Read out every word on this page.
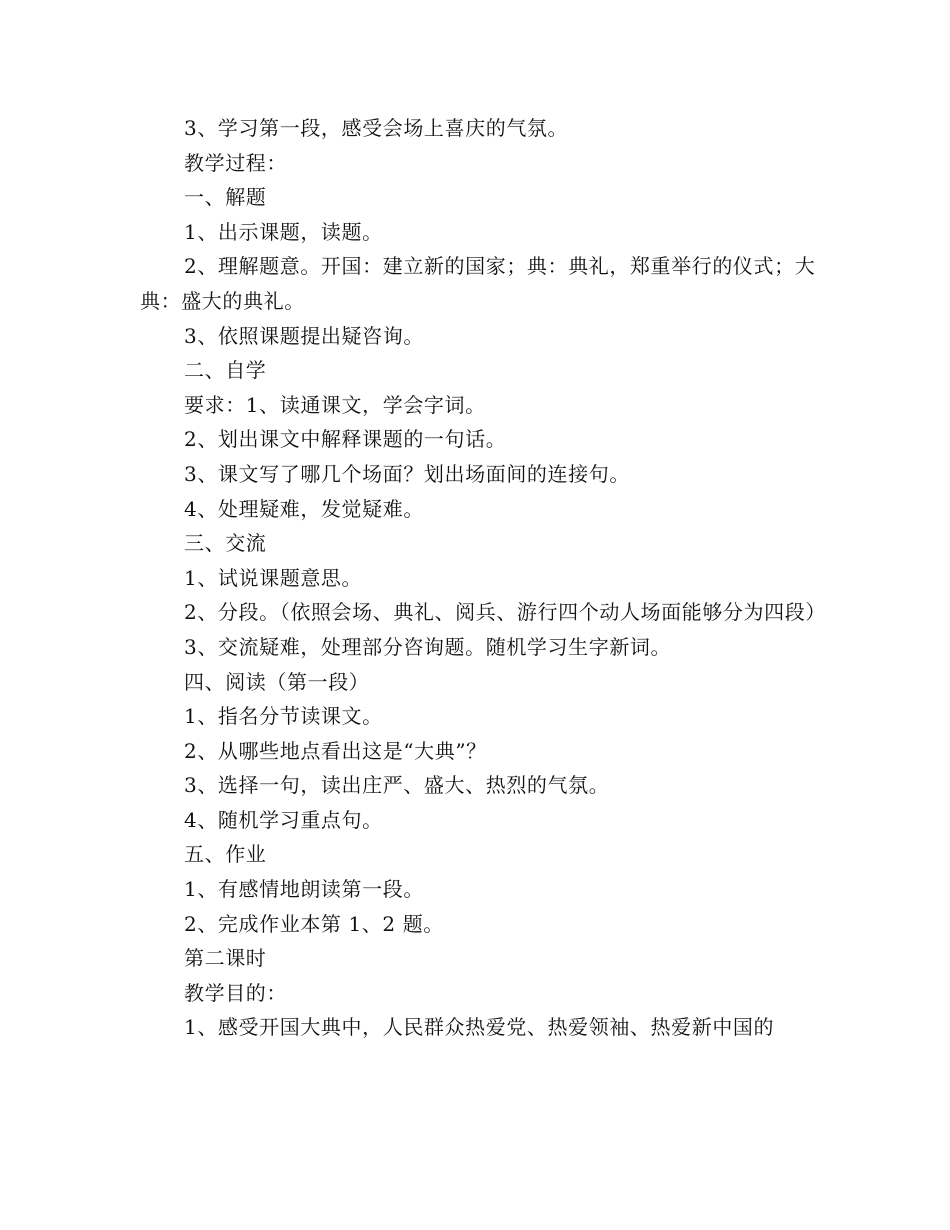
3、学习第一段，感受会场上喜庆的气氛。

教学过程：

一、解题

1、出示课题，读题。

2、理解题意。开国：建立新的国家；典：典礼，郑重举行的仪式；大典：盛大的典礼。

3、依照课题提出疑咨询。

二、自学

要求：1、读通课文，学会字词。

2、划出课文中解释课题的一句话。

3、课文写了哪几个场面？划出场面间的连接句。

4、处理疑难，发觉疑难。

三、交流

1、试说课题意思。

2、分段。（依照会场、典礼、阅兵、游行四个动人场面能够分为四段）

3、交流疑难，处理部分咨询题。随机学习生字新词。

四、阅读（第一段）

1、指名分节读课文。

2、从哪些地点看出这是“大典”？

3、选择一句，读出庄严、盛大、热烈的气氛。

4、随机学习重点句。

五、作业

1、有感情地朗读第一段。

2、完成作业本第 1、2 题。

第二课时

教学目的：

1、感受开国大典中，人民群众热爱党、热爱领袖、热爱新中国的
